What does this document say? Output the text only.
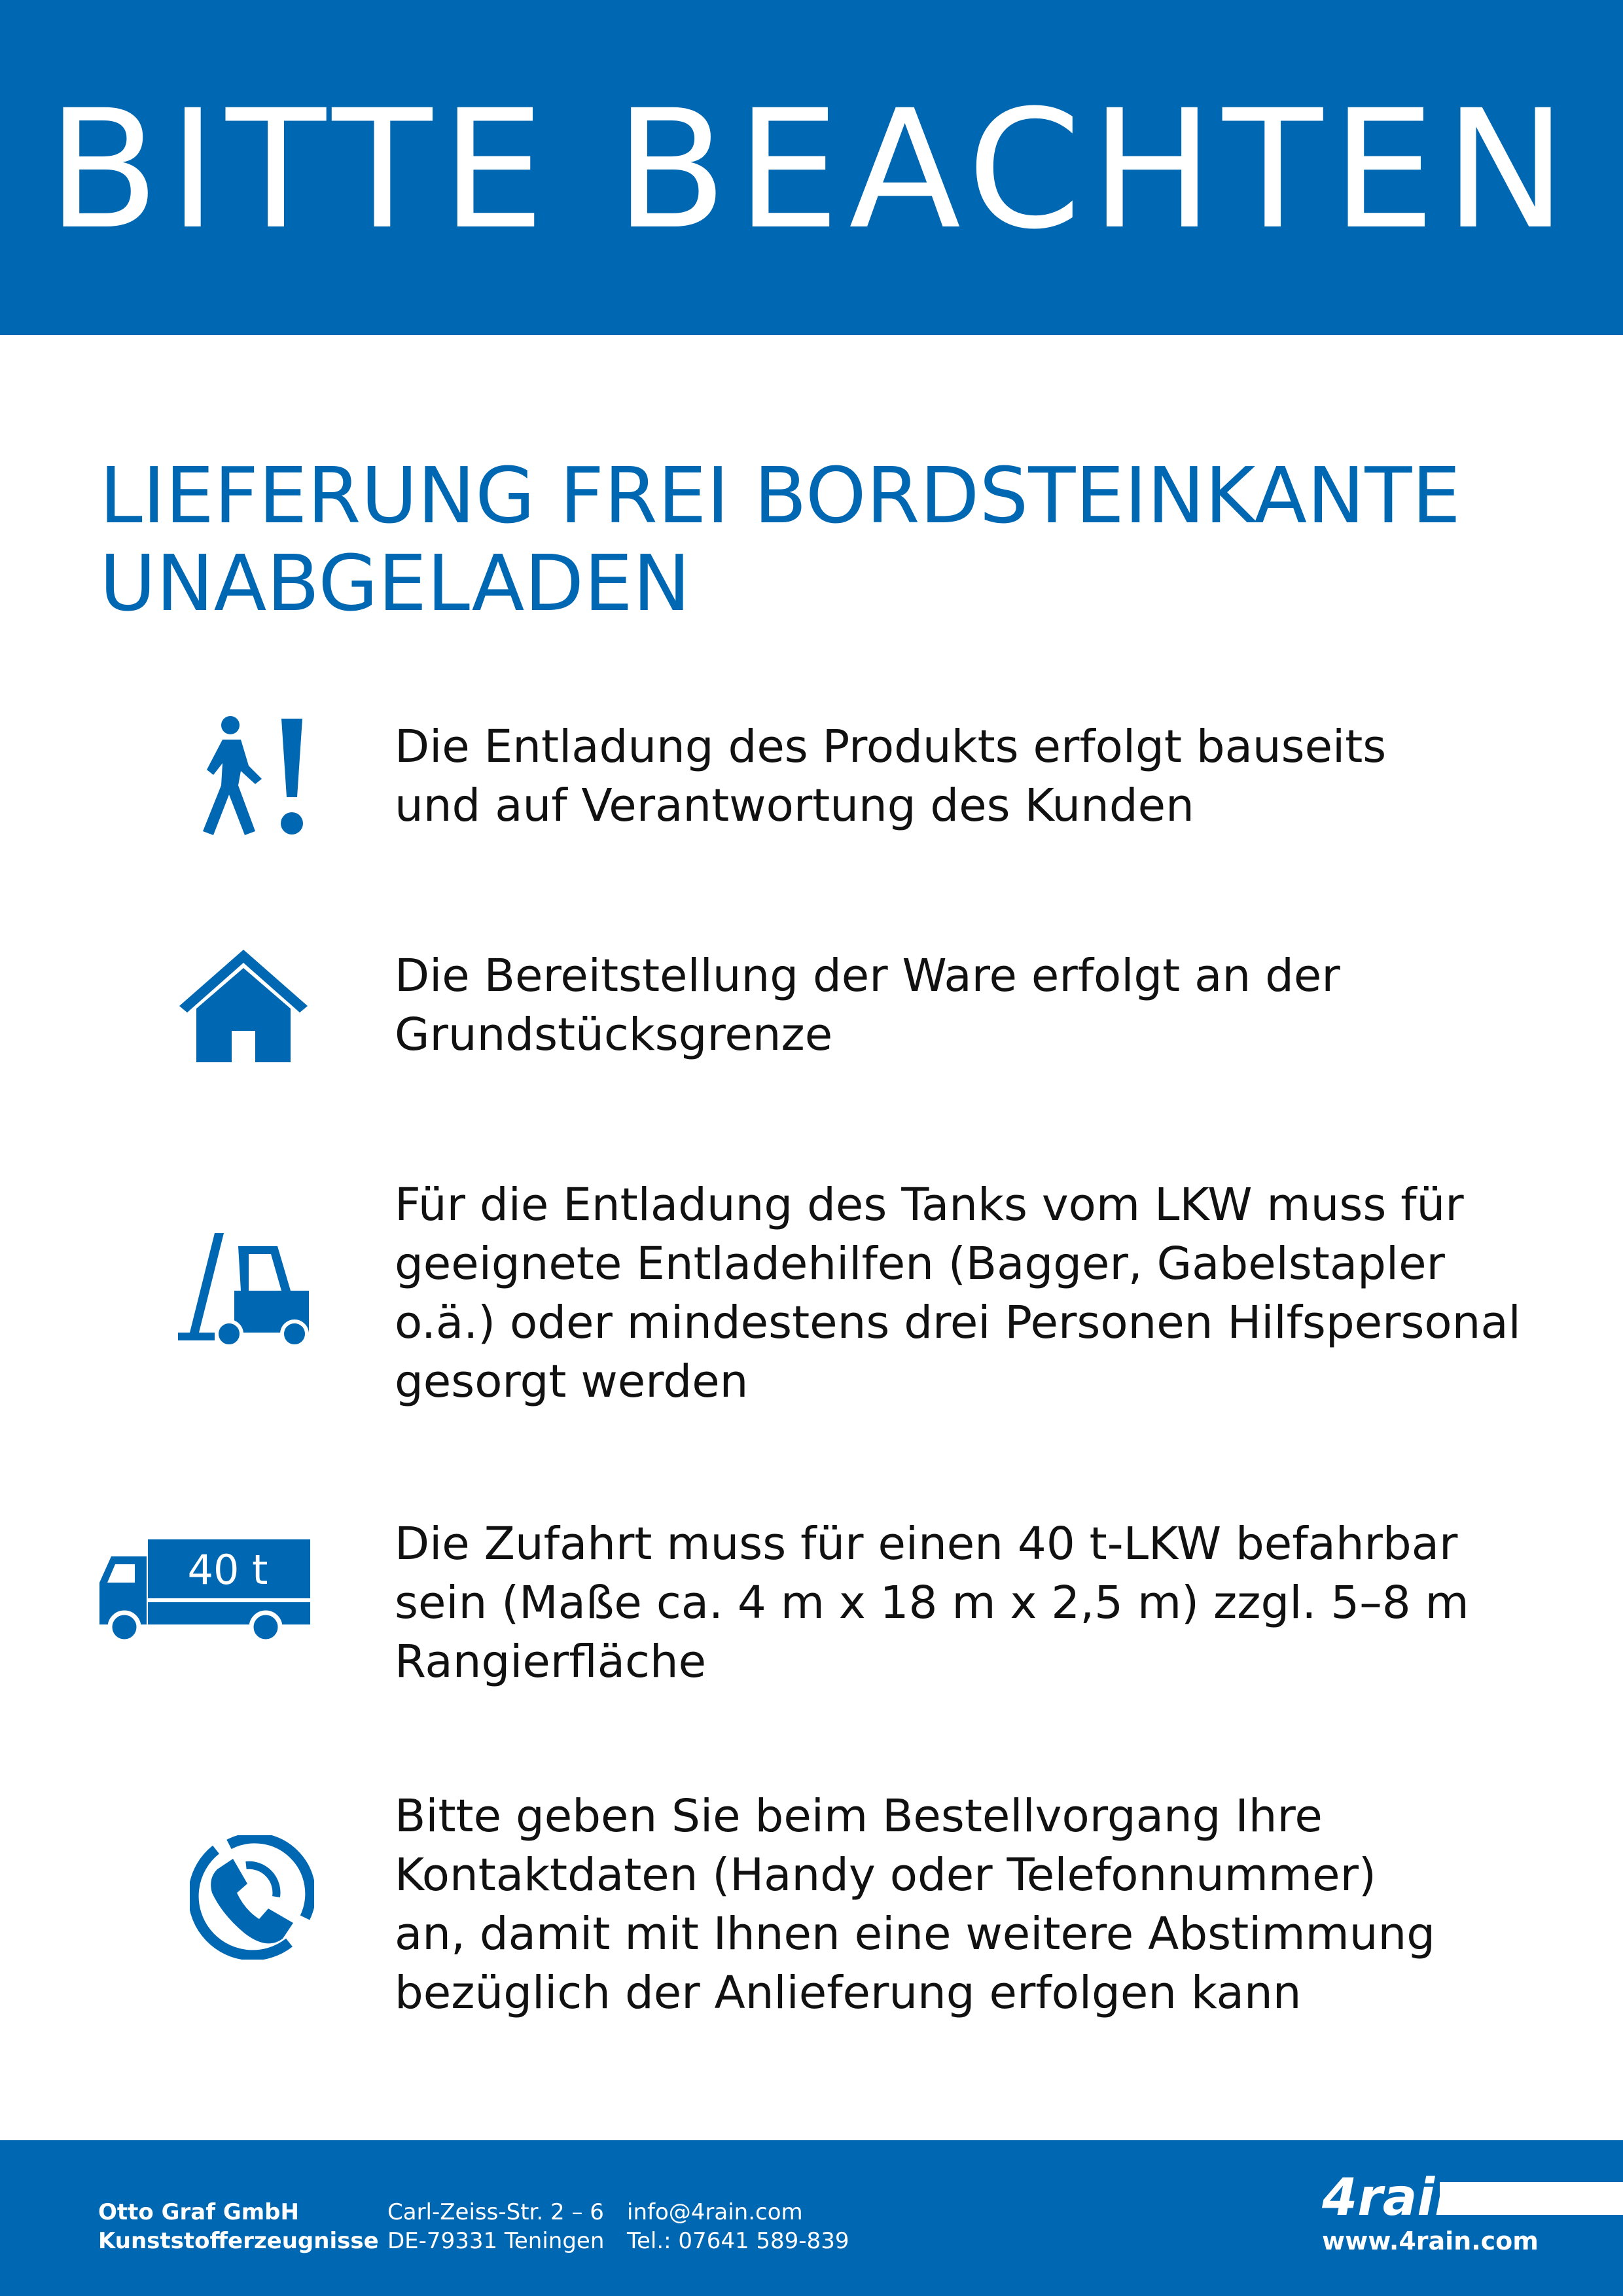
BITTE BEACHTEN
LIEFERUNG FREI BORDSTEINKANTE
UNABGELADEN
Die Entladung des Produkts erfolgt bauseits
und auf Verantwortung des Kunden
Die Bereitstellung der Ware erfolgt an der
Grundstücksgrenze
Für die Entladung des Tanks vom LKW muss für
geeignete Entladehilfen (Bagger, Gabelstapler
o.ä.) oder mindestens drei Personen Hilfspersonal
gesorgt werden
40 t	Die Zufahrt muss für einen 40 t-LKW befahrbar
sein (Maße ca. 4 m x 18 m x 2,5 m) zzgl. 5–8 m
Rangierfläche
Bitte geben Sie beim Bestellvorgang Ihre
Kontaktdaten (Handy oder Telefonnummer)
an, damit mit Ihnen eine weitere Abstimmung
bezüglich der Anlieferung erfolgen kann
Otto Graf GmbH
Kunststofferzeugnisse
Carl-Zeiss-Str. 2 – 6
DE-79331 Teningen
info@4rain.com
Tel.: 07641 589-839
4rain
www.4rain.com
